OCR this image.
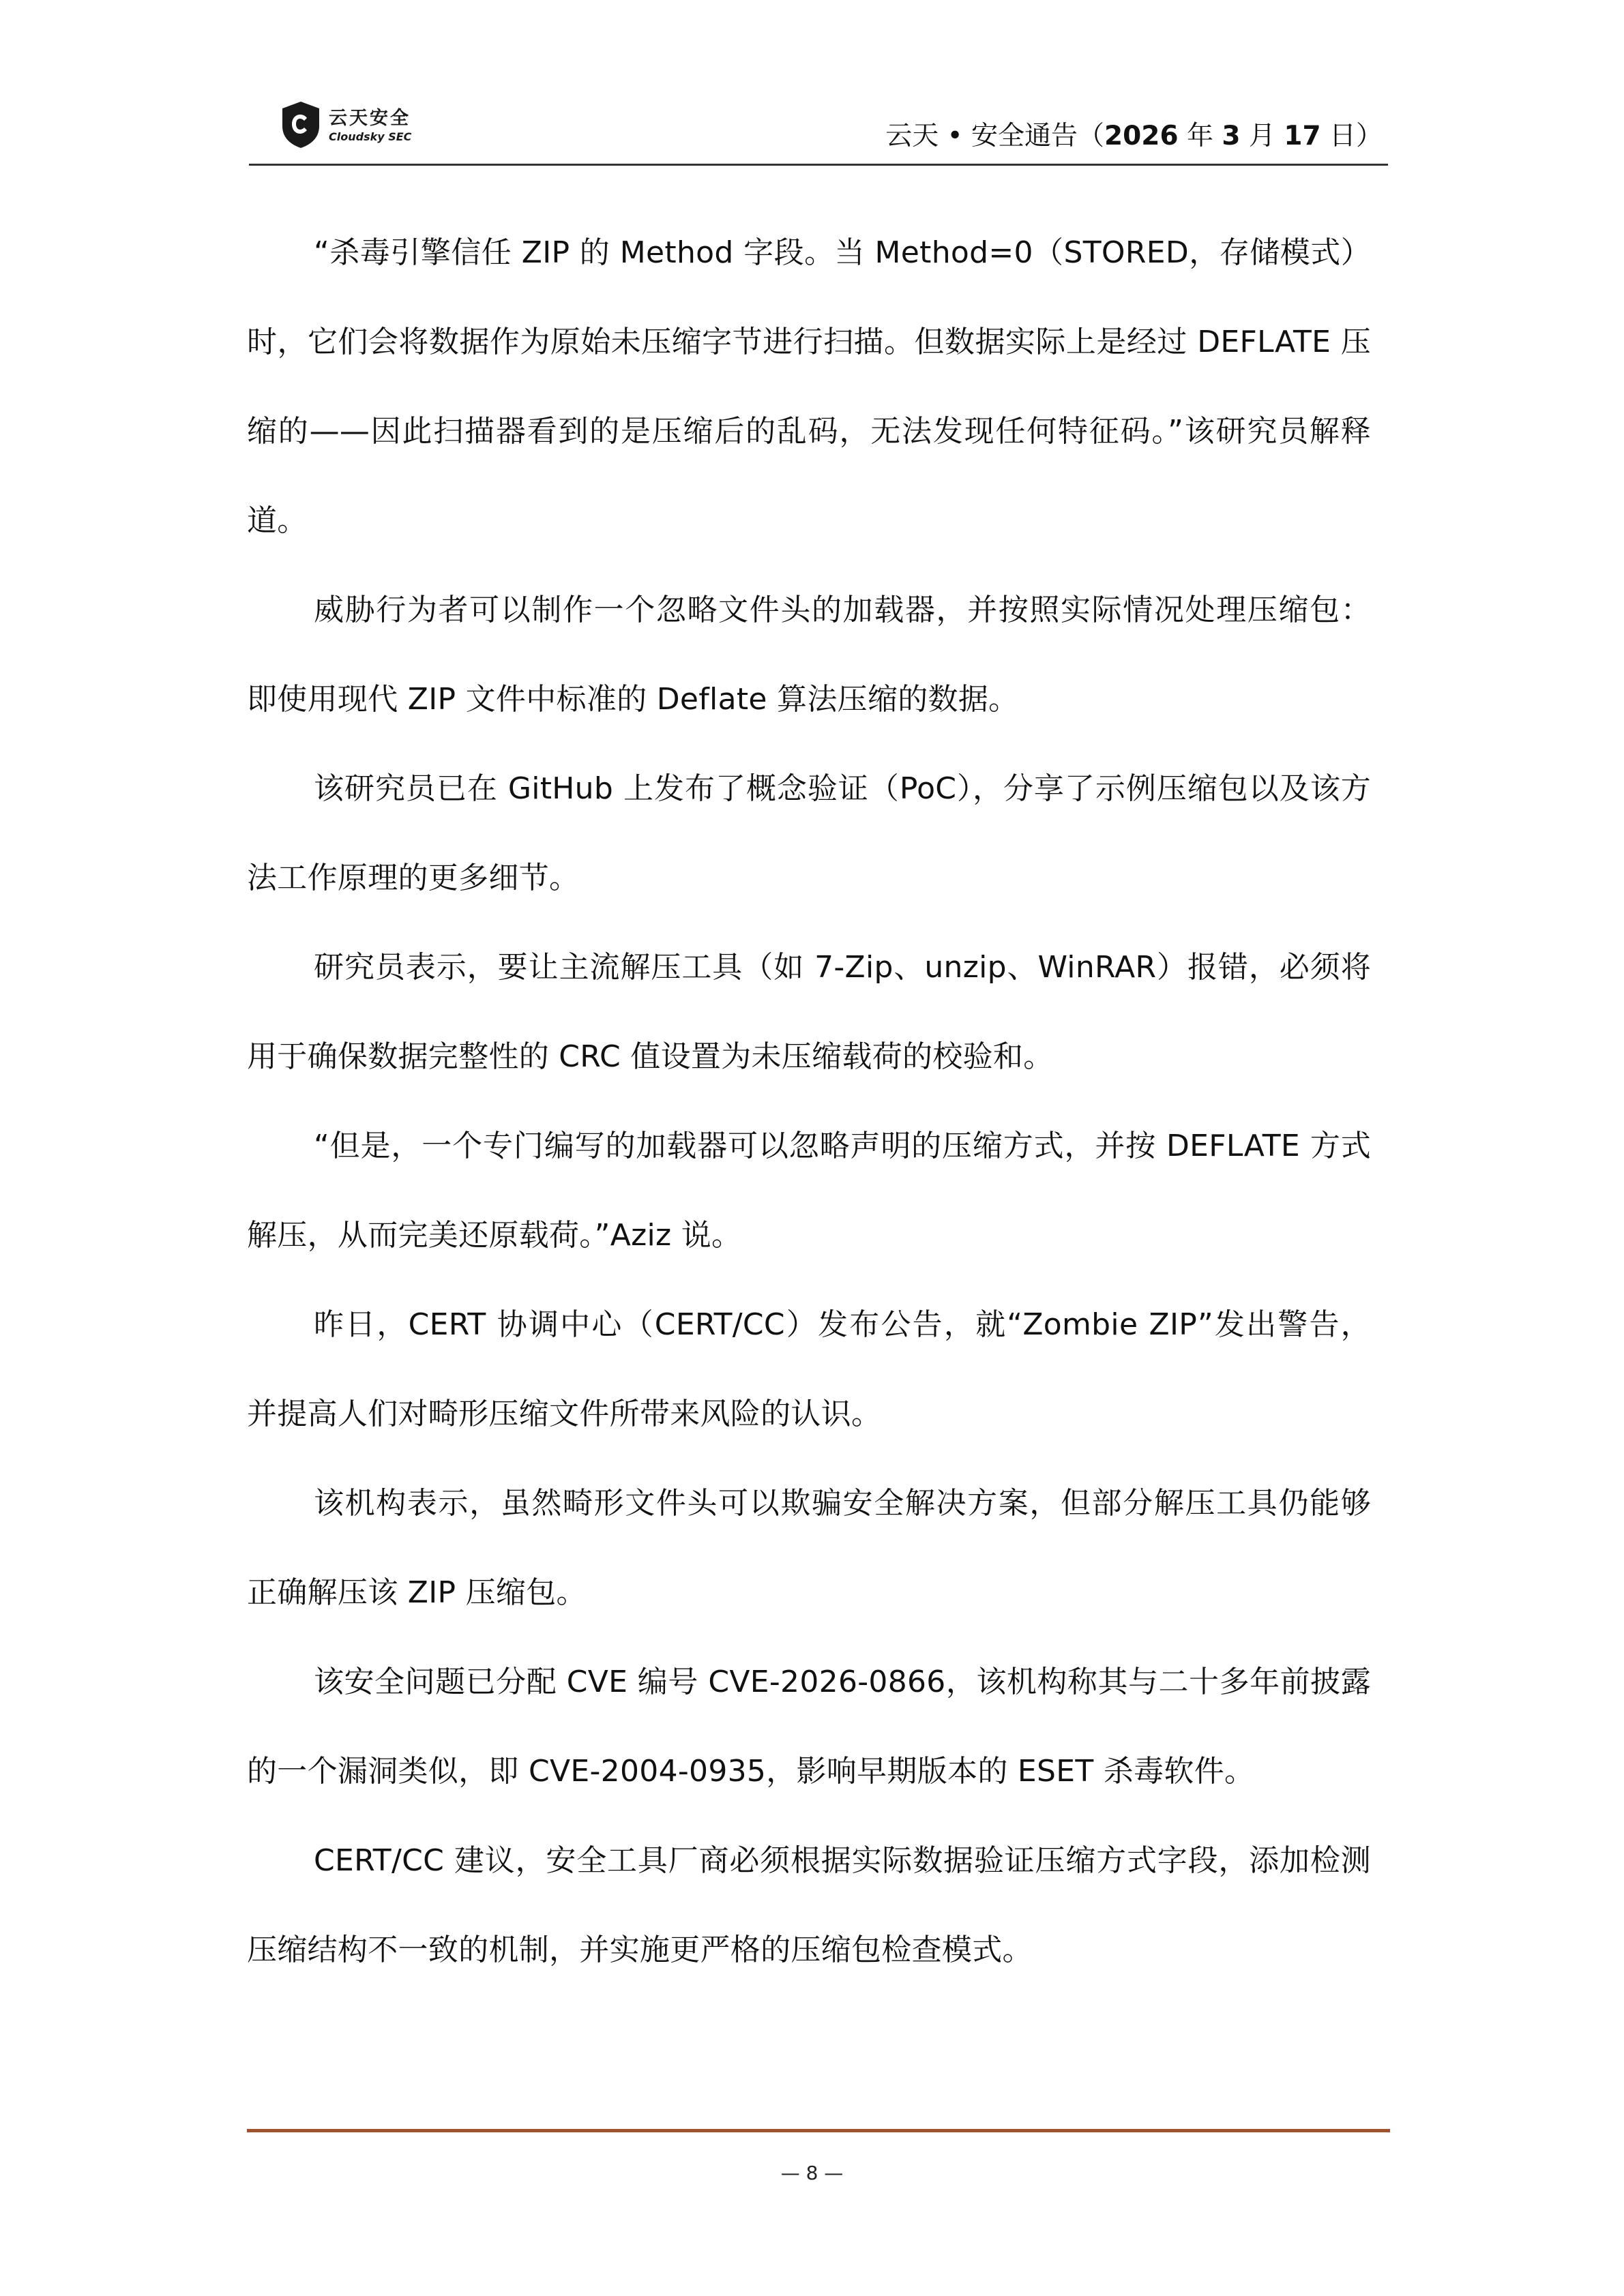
云天安全
Cloudsky SEC	云天 • 安全通告（2026 年 3 月 17 日）

“杀毒引擎信任 ZIP 的 Method 字段。当 Method=0（STORED，存储模式）时，它们会将数据作为原始未压缩字节进行扫描。但数据实际上是经过 DEFLATE 压缩的——因此扫描器看到的是压缩后的乱码，无法发现任何特征码。”该研究员解释道。

威胁行为者可以制作一个忽略文件头的加载器，并按照实际情况处理压缩包：即使用现代 ZIP 文件中标准的 Deflate 算法压缩的数据。

该研究员已在 GitHub 上发布了概念验证（PoC），分享了示例压缩包以及该方法工作原理的更多细节。

研究员表示，要让主流解压工具（如 7-Zip、unzip、WinRAR）报错，必须将用于确保数据完整性的 CRC 值设置为未压缩载荷的校验和。

“但是，一个专门编写的加载器可以忽略声明的压缩方式，并按 DEFLATE 方式解压，从而完美还原载荷。”Aziz 说。

昨日，CERT 协调中心（CERT/CC）发布公告，就“Zombie ZIP”发出警告，并提高人们对畸形压缩文件所带来风险的认识。

该机构表示，虽然畸形文件头可以欺骗安全解决方案，但部分解压工具仍能够正确解压该 ZIP 压缩包。

该安全问题已分配 CVE 编号 CVE-2026-0866，该机构称其与二十多年前披露的一个漏洞类似，即 CVE-2004-0935，影响早期版本的 ESET 杀毒软件。

CERT/CC 建议，安全工具厂商必须根据实际数据验证压缩方式字段，添加检测压缩结构不一致的机制，并实施更严格的压缩包检查模式。

— 8 —
